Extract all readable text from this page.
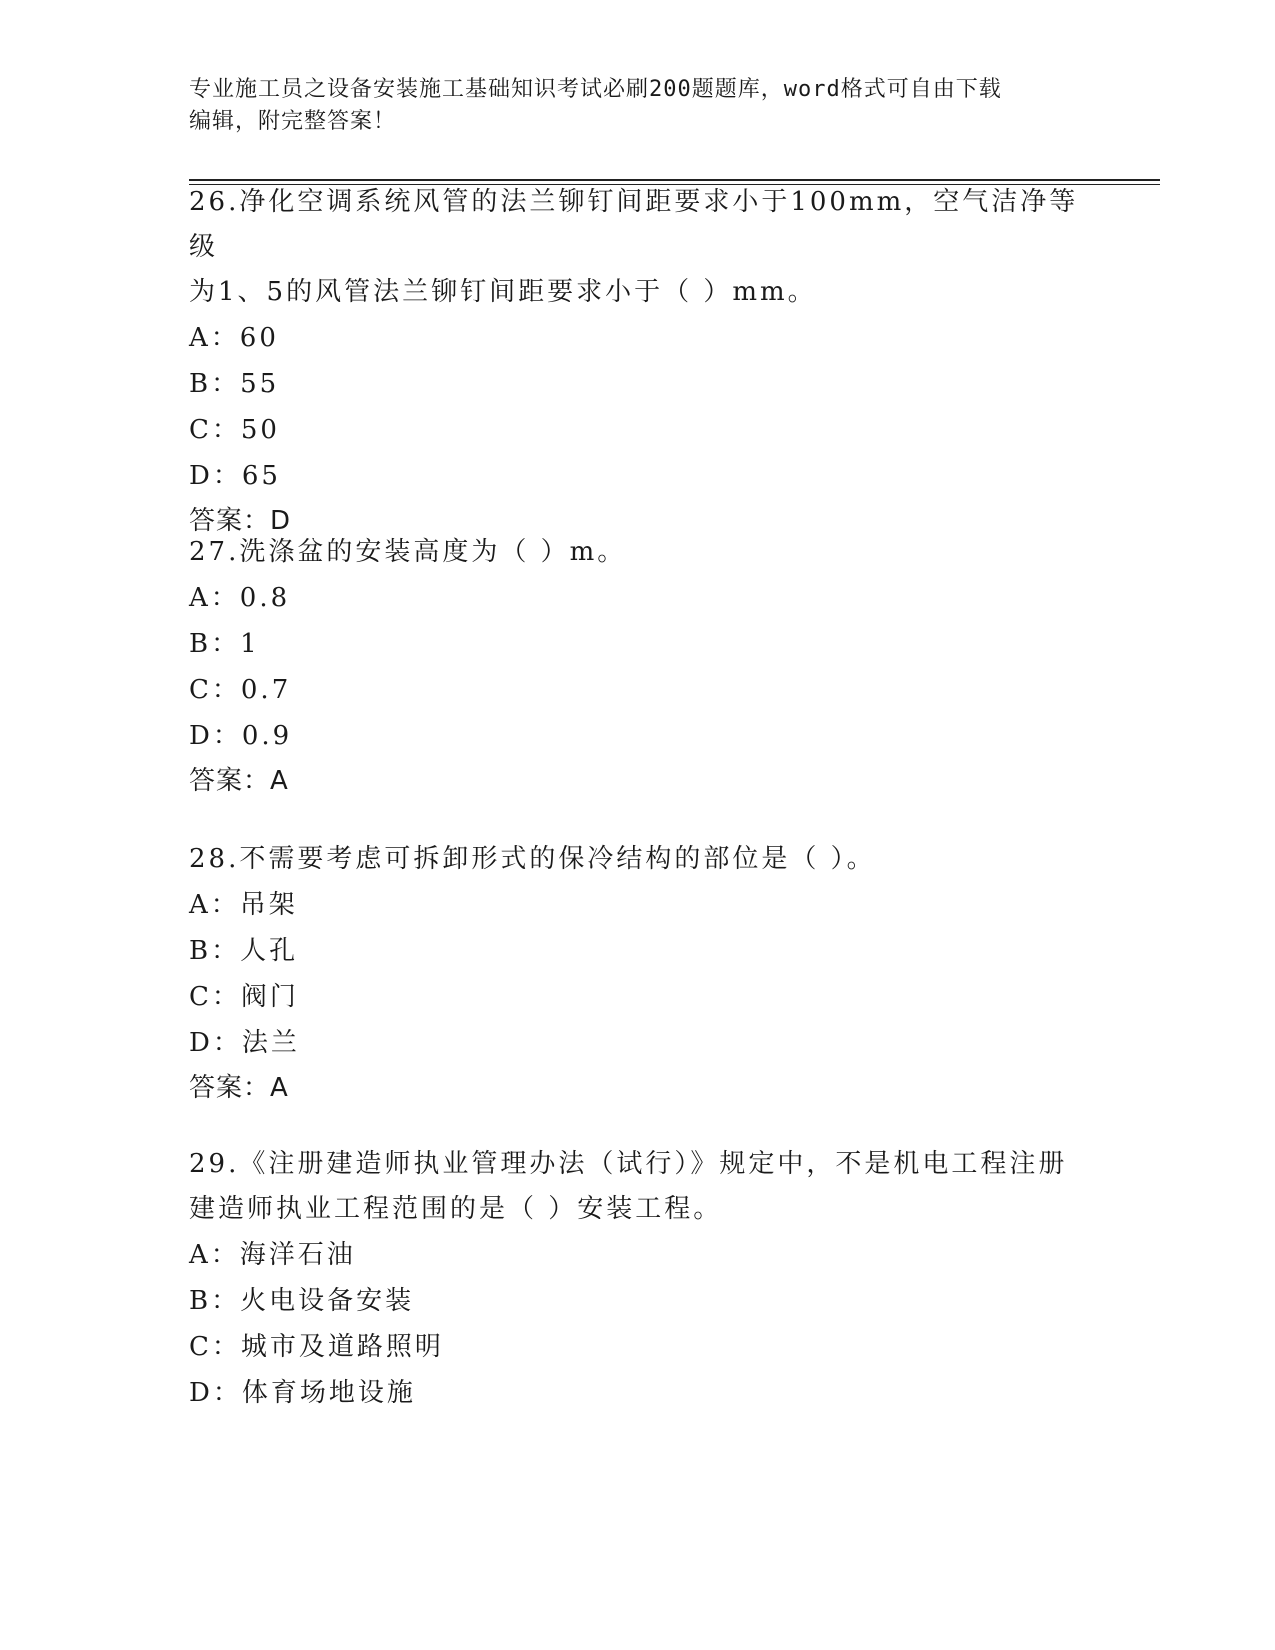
专业施工员之设备安装施工基础知识考试必刷200题题库，word格式可自由下载
编辑，附完整答案！

26.净化空调系统风管的法兰铆钉间距要求小于100mm，空气洁净等级

为1、5的风管法兰铆钉间距要求小于（ ）mm。

A：60

B：55

C：50

D：65

答案：D

27.洗涤盆的安装高度为（ ）m。

A：0.8

B：1

C：0.7

D：0.9

答案：A

28.不需要考虑可拆卸形式的保冷结构的部位是（ ）。

A：吊架

B：人孔

C：阀门

D：法兰

答案：A

29.《注册建造师执业管理办法（试行）》规定中，不是机电工程注册

建造师执业工程范围的是（ ）安装工程。

A：海洋石油

B：火电设备安装

C：城市及道路照明

D：体育场地设施
